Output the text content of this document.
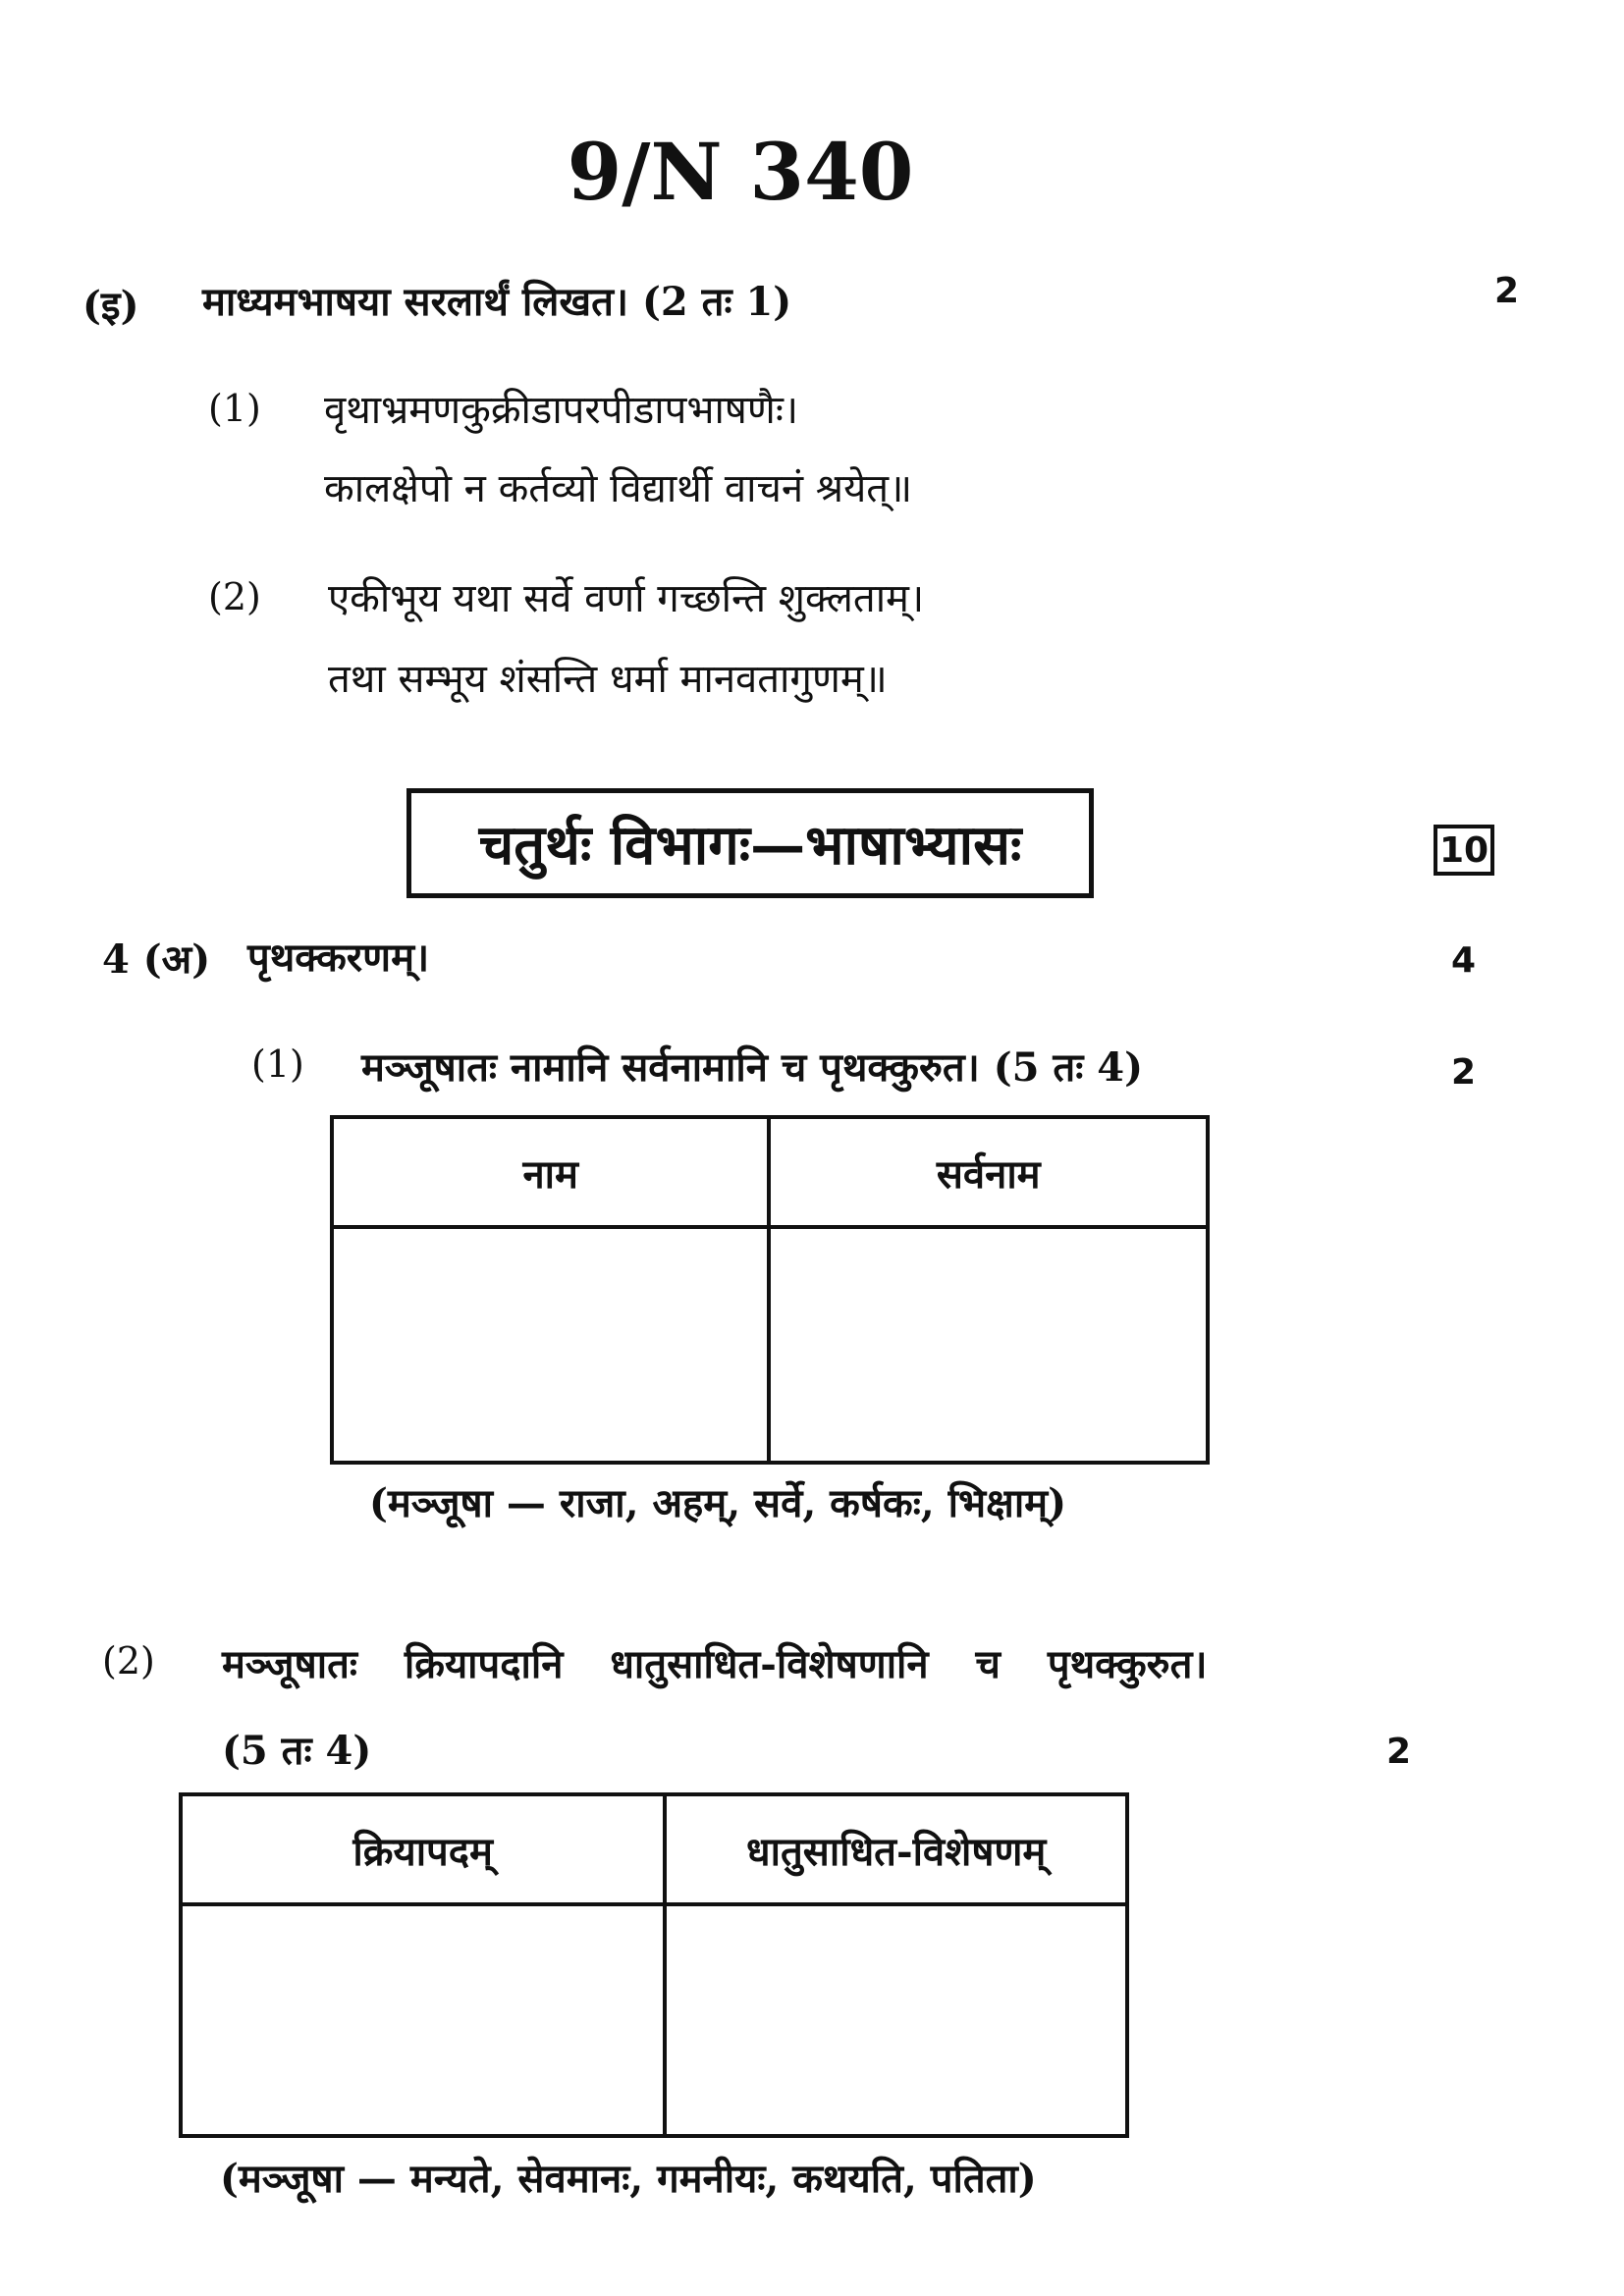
9/N 340
(इ) माध्यमभाषया सरलार्थं लिखत। (2 तः 1)	2
(1) वृथाभ्रमणकुक्रीडापरपीडापभाषणैः।
कालक्षेपो न कर्तव्यो विद्यार्थी वाचनं श्रयेत्॥
(2) एकीभूय यथा सर्वे वर्णा गच्छन्ति शुक्लताम्।
तथा सम्भूय शंसन्ति धर्मा मानवतागुणम्॥
चतुर्थः विभागः—भाषाभ्यासः	10
4 (अ) पृथक्करणम्।	4
(1) मञ्जूषातः नामानि सर्वनामानि च पृथक्कुरुत। (5 तः 4)	2
नाम	सर्वनाम

(मञ्जूषा — राजा, अहम्, सर्वे, कर्षकः, भिक्षाम्)
(2) मञ्जूषातः क्रियापदानि धातुसाधित-विशेषणानि च पृथक्कुरुत।
(5 तः 4)	2
क्रियापदम्	धातुसाधित-विशेषणम्

(मञ्जूषा — मन्यते, सेवमानः, गमनीयः, कथयति, पतिता)
